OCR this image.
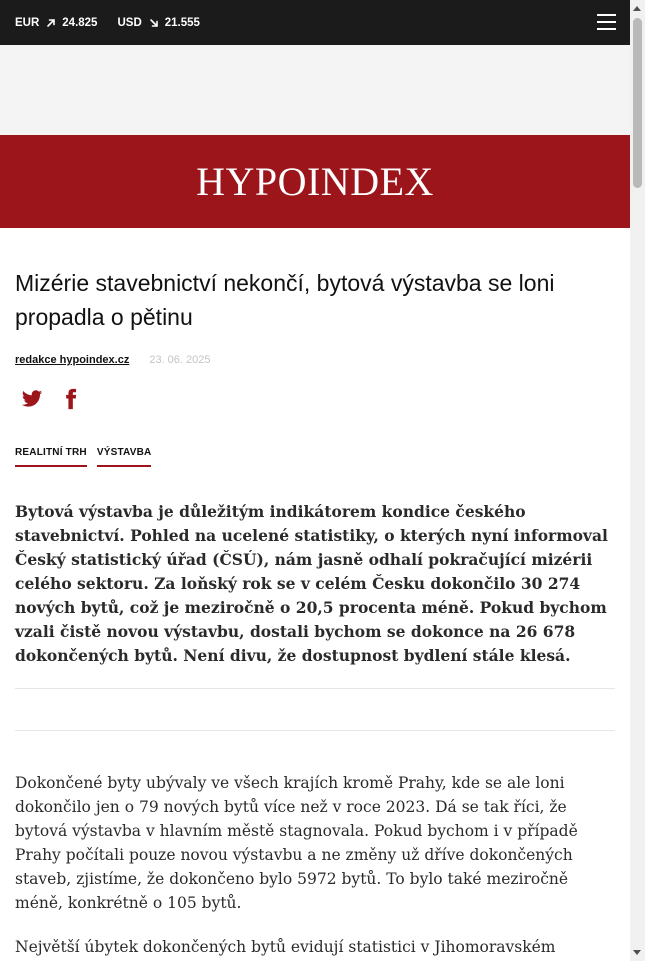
EUR 24.825 USD 21.555
HYPOINDEX
Mizérie stavebnictví nekončí, bytová výstavba se loni propadla o pětinu
redakce hypoindex.cz 23. 06. 2025
REALITNÍ TRH VÝSTAVBA

Bytová výstavba je důležitým indikátorem kondice českého stavebnictví. Pohled na ucelené statistiky, o kterých nyní informoval Český statistický úřad (ČSÚ), nám jasně odhalí pokračující mizérii celého sektoru. Za loňský rok se v celém Česku dokončilo 30 274 nových bytů, což je meziročně o 20,5 procenta méně. Pokud bychom vzali čistě novou výstavbu, dostali bychom se dokonce na 26 678 dokončených bytů. Není divu, že dostupnost bydlení stále klesá.

Dokončené byty ubývaly ve všech krajích kromě Prahy, kde se ale loni dokončilo jen o 79 nových bytů více než v roce 2023. Dá se tak říci, že bytová výstavba v hlavním městě stagnovala. Pokud bychom i v případě Prahy počítali pouze novou výstavbu a ne změny už dříve dokončených staveb, zjistíme, že dokončeno bylo 5972 bytů. To bylo také meziročně méně, konkrétně o 105 bytů.

Největší úbytek dokončených bytů evidují statistici v Jihomoravském
